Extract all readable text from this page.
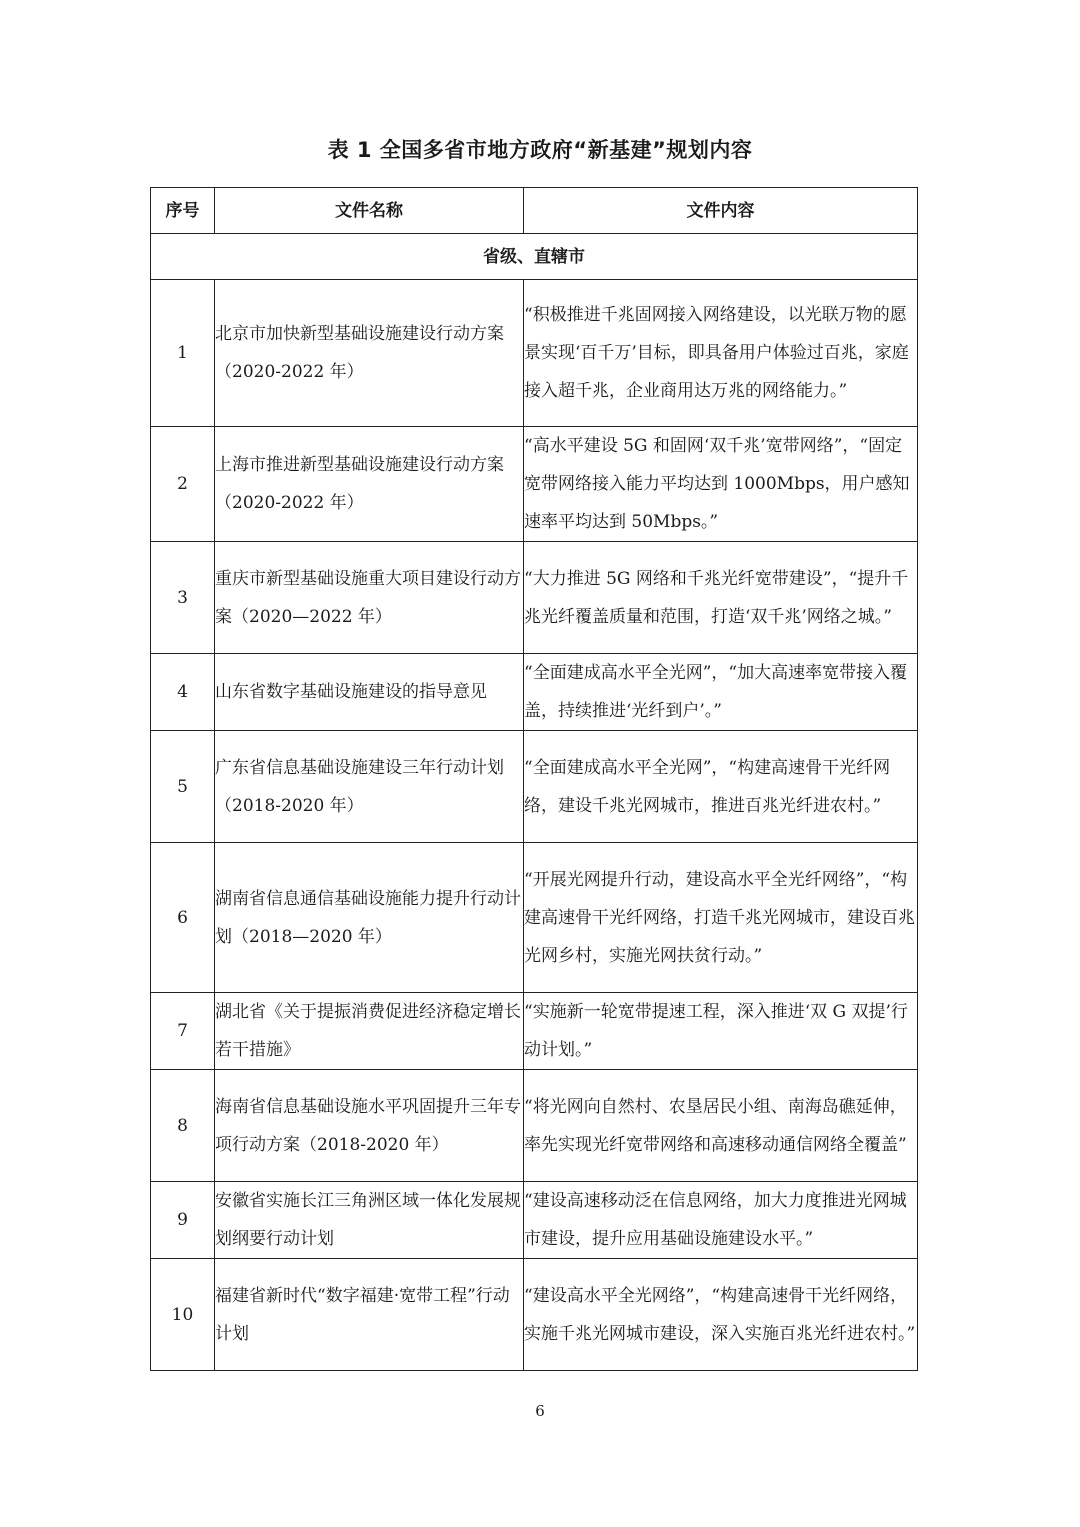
表 1 全国多省市地方政府“新基建”规划内容
序号	文件名称	文件内容
省级、直辖市		
1	北京市加快新型基础设施建设行动方案（2020-2022 年）	“积极推进千兆固网接入网络建设，以光联万物的愿景实现‘百千万’目标，即具备用户体验过百兆，家庭接入超千兆，企业商用达万兆的网络能力。”
2	上海市推进新型基础设施建设行动方案（2020-2022 年）	“高水平建设 5G 和固网‘双千兆’宽带网络”，“固定宽带网络接入能力平均达到 1000Mbps，用户感知速率平均达到 50Mbps。”
3	重庆市新型基础设施重大项目建设行动方案（2020—2022 年）	“大力推进 5G 网络和千兆光纤宽带建设”，“提升千兆光纤覆盖质量和范围，打造‘双千兆’网络之城。”
4	山东省数字基础设施建设的指导意见	“全面建成高水平全光网”，“加大高速率宽带接入覆盖，持续推进‘光纤到户’。”
5	广东省信息基础设施建设三年行动计划（2018-2020 年）	“全面建成高水平全光网”，“构建高速骨干光纤网络，建设千兆光网城市，推进百兆光纤进农村。”
6	湖南省信息通信基础设施能力提升行动计划（2018—2020 年）	“开展光网提升行动，建设高水平全光纤网络”，“构建高速骨干光纤网络，打造千兆光网城市，建设百兆光网乡村，实施光网扶贫行动。”
7	湖北省《关于提振消费促进经济稳定增长若干措施》	“实施新一轮宽带提速工程，深入推进‘双 G 双提’行动计划。”
8	海南省信息基础设施水平巩固提升三年专项行动方案（2018-2020 年）	“将光网向自然村、农垦居民小组、南海岛礁延伸，率先实现光纤宽带网络和高速移动通信网络全覆盖”
9	安徽省实施长江三角洲区域一体化发展规划纲要行动计划	“建设高速移动泛在信息网络，加大力度推进光网城市建设，提升应用基础设施建设水平。”
10	福建省新时代“数字福建·宽带工程”行动计划	“建设高水平全光网络”，“构建高速骨干光纤网络，实施千兆光网城市建设，深入实施百兆光纤进农村。”
6
